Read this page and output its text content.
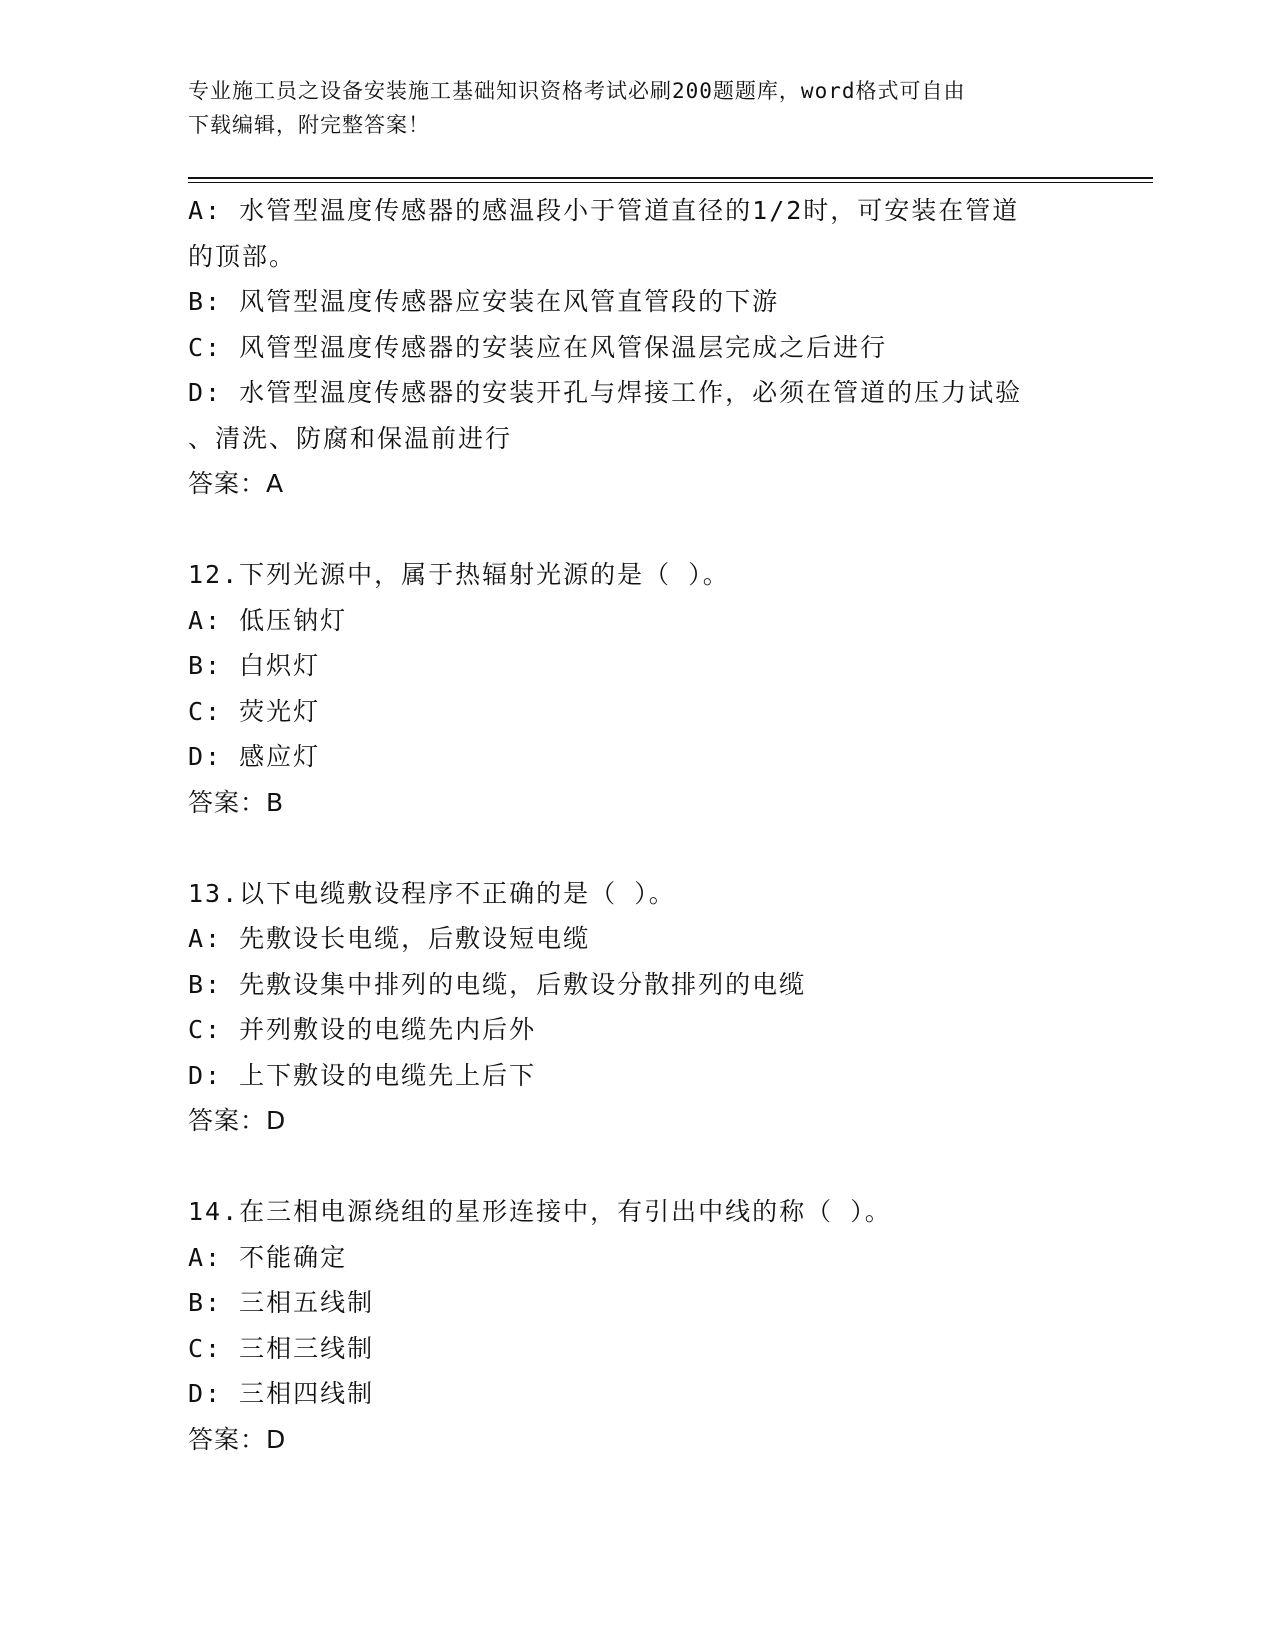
专业施工员之设备安装施工基础知识资格考试必刷200题题库，word格式可自由
下载编辑，附完整答案！
A: 水管型温度传感器的感温段小于管道直径的1/2时，可安装在管道
的顶部。
B: 风管型温度传感器应安装在风管直管段的下游
C: 风管型温度传感器的安装应在风管保温层完成之后进行
D: 水管型温度传感器的安装开孔与焊接工作，必须在管道的压力试验
、清洗、防腐和保温前进行
答案：A
12.下列光源中，属于热辐射光源的是（ ）。
A: 低压钠灯
B: 白炽灯
C: 荧光灯
D: 感应灯
答案：B
13.以下电缆敷设程序不正确的是（ ）。
A: 先敷设长电缆，后敷设短电缆
B: 先敷设集中排列的电缆，后敷设分散排列的电缆
C: 并列敷设的电缆先内后外
D: 上下敷设的电缆先上后下
答案：D
14.在三相电源绕组的星形连接中，有引出中线的称（ ）。
A: 不能确定
B: 三相五线制
C: 三相三线制
D: 三相四线制
答案：D
